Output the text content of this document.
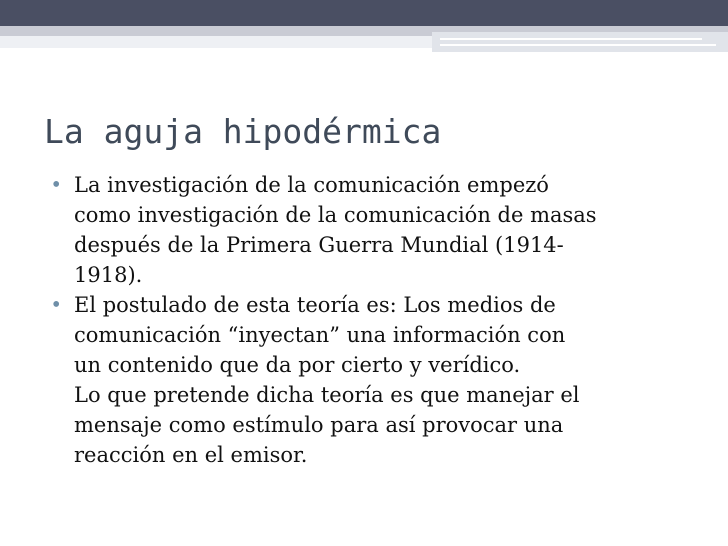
La aguja hipodérmica
• La investigación de la comunicación empezó
como investigación de la comunicación de masas
después de la Primera Guerra Mundial (1914-
1918).
• El postulado de esta teoría es: Los medios de
comunicación “inyectan” una información con
un contenido que da por cierto y verídico.
Lo que pretende dicha teoría es que manejar el
mensaje como estímulo para así provocar una
reacción en el emisor.
